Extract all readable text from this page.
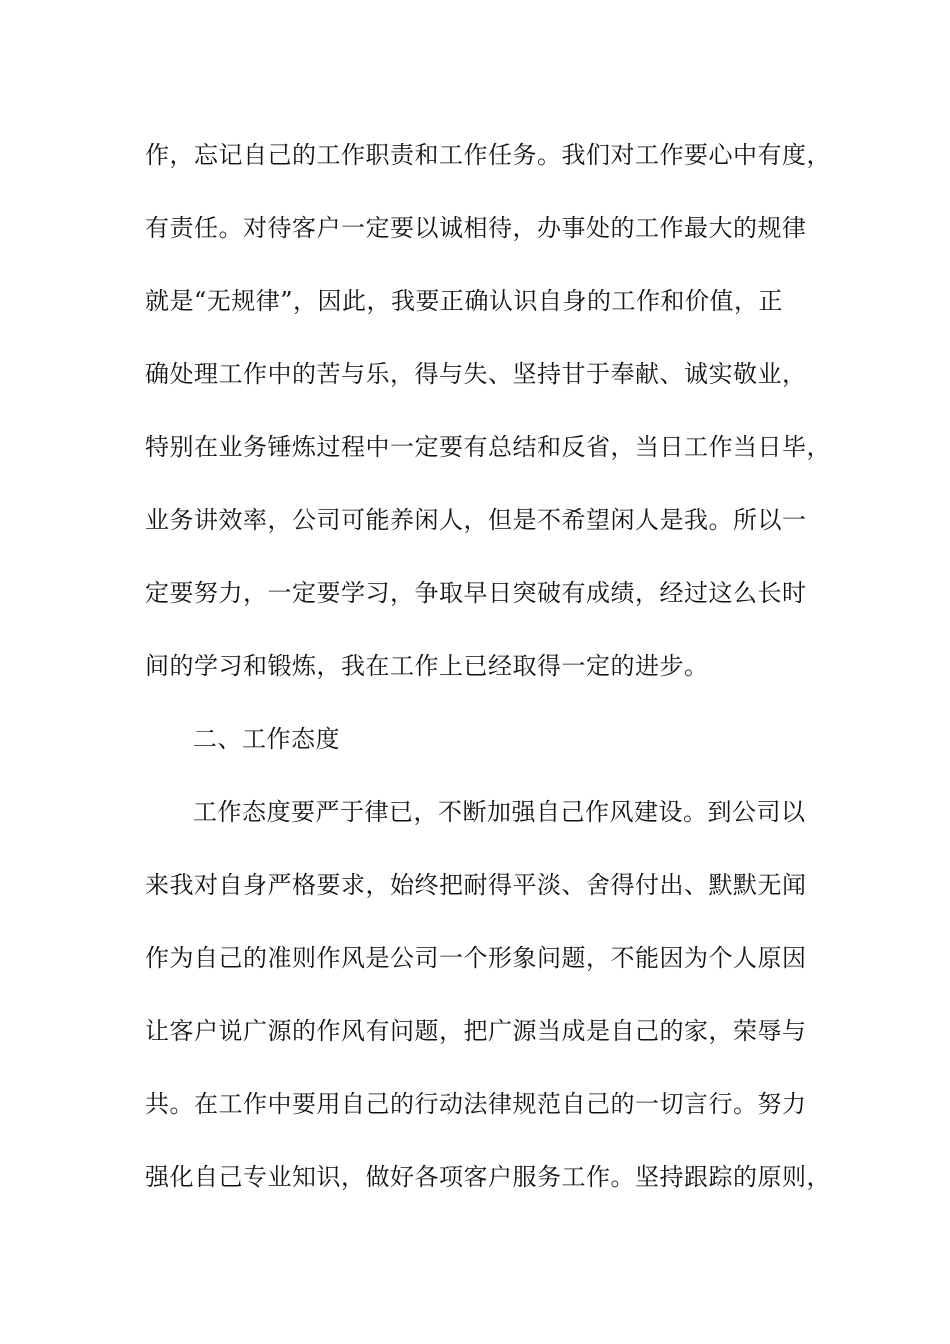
作，忘记自己的工作职责和工作任务。我们对工作要心中有度，
有责任。对待客户一定要以诚相待，办事处的工作最大的规律
就是“无规律”，因此，我要正确认识自身的工作和价值，正
确处理工作中的苦与乐，得与失、坚持甘于奉献、诚实敬业，
特别在业务锤炼过程中一定要有总结和反省，当日工作当日毕，
业务讲效率，公司可能养闲人，但是不希望闲人是我。所以一
定要努力，一定要学习，争取早日突破有成绩，经过这么长时
间的学习和锻炼，我在工作上已经取得一定的进步。
二、工作态度
工作态度要严于律已，不断加强自己作风建设。到公司以
来我对自身严格要求，始终把耐得平淡、舍得付出、默默无闻
作为自己的准则作风是公司一个形象问题，不能因为个人原因
让客户说广源的作风有问题，把广源当成是自己的家，荣辱与
共。在工作中要用自己的行动法律规范自己的一切言行。努力
强化自己专业知识，做好各项客户服务工作。坚持跟踪的原则，
